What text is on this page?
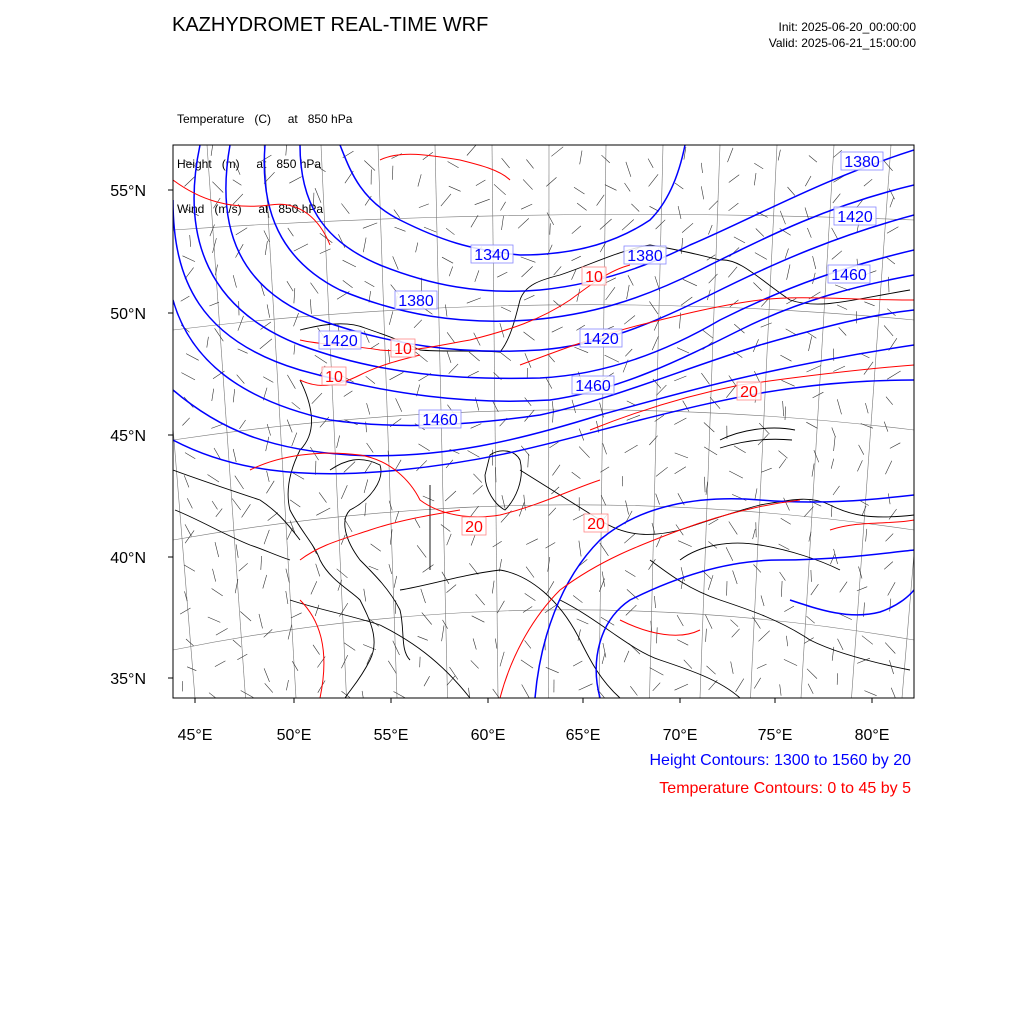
KAZHYDROMET REAL-TIME WRF	Init: 2025-06-20_00:00:00
Valid: 2025-06-21_15:00:00

Temperature   (C)     at   850 hPa

Height   (m)     at   850 hPa

Wind   (m/s)     at   850 hPa

1380
1420
1340	1380
1460
1380
1420	1420
1460
1460
10
10
10
20
20	20
55°N
50°N
45°N
40°N
35°N
45°E	50°E	55°E	60°E	65°E	70°E	75°E	80°E
Height Contours: 1300 to 1560 by 20
Temperature Contours: 0 to 45 by 5
